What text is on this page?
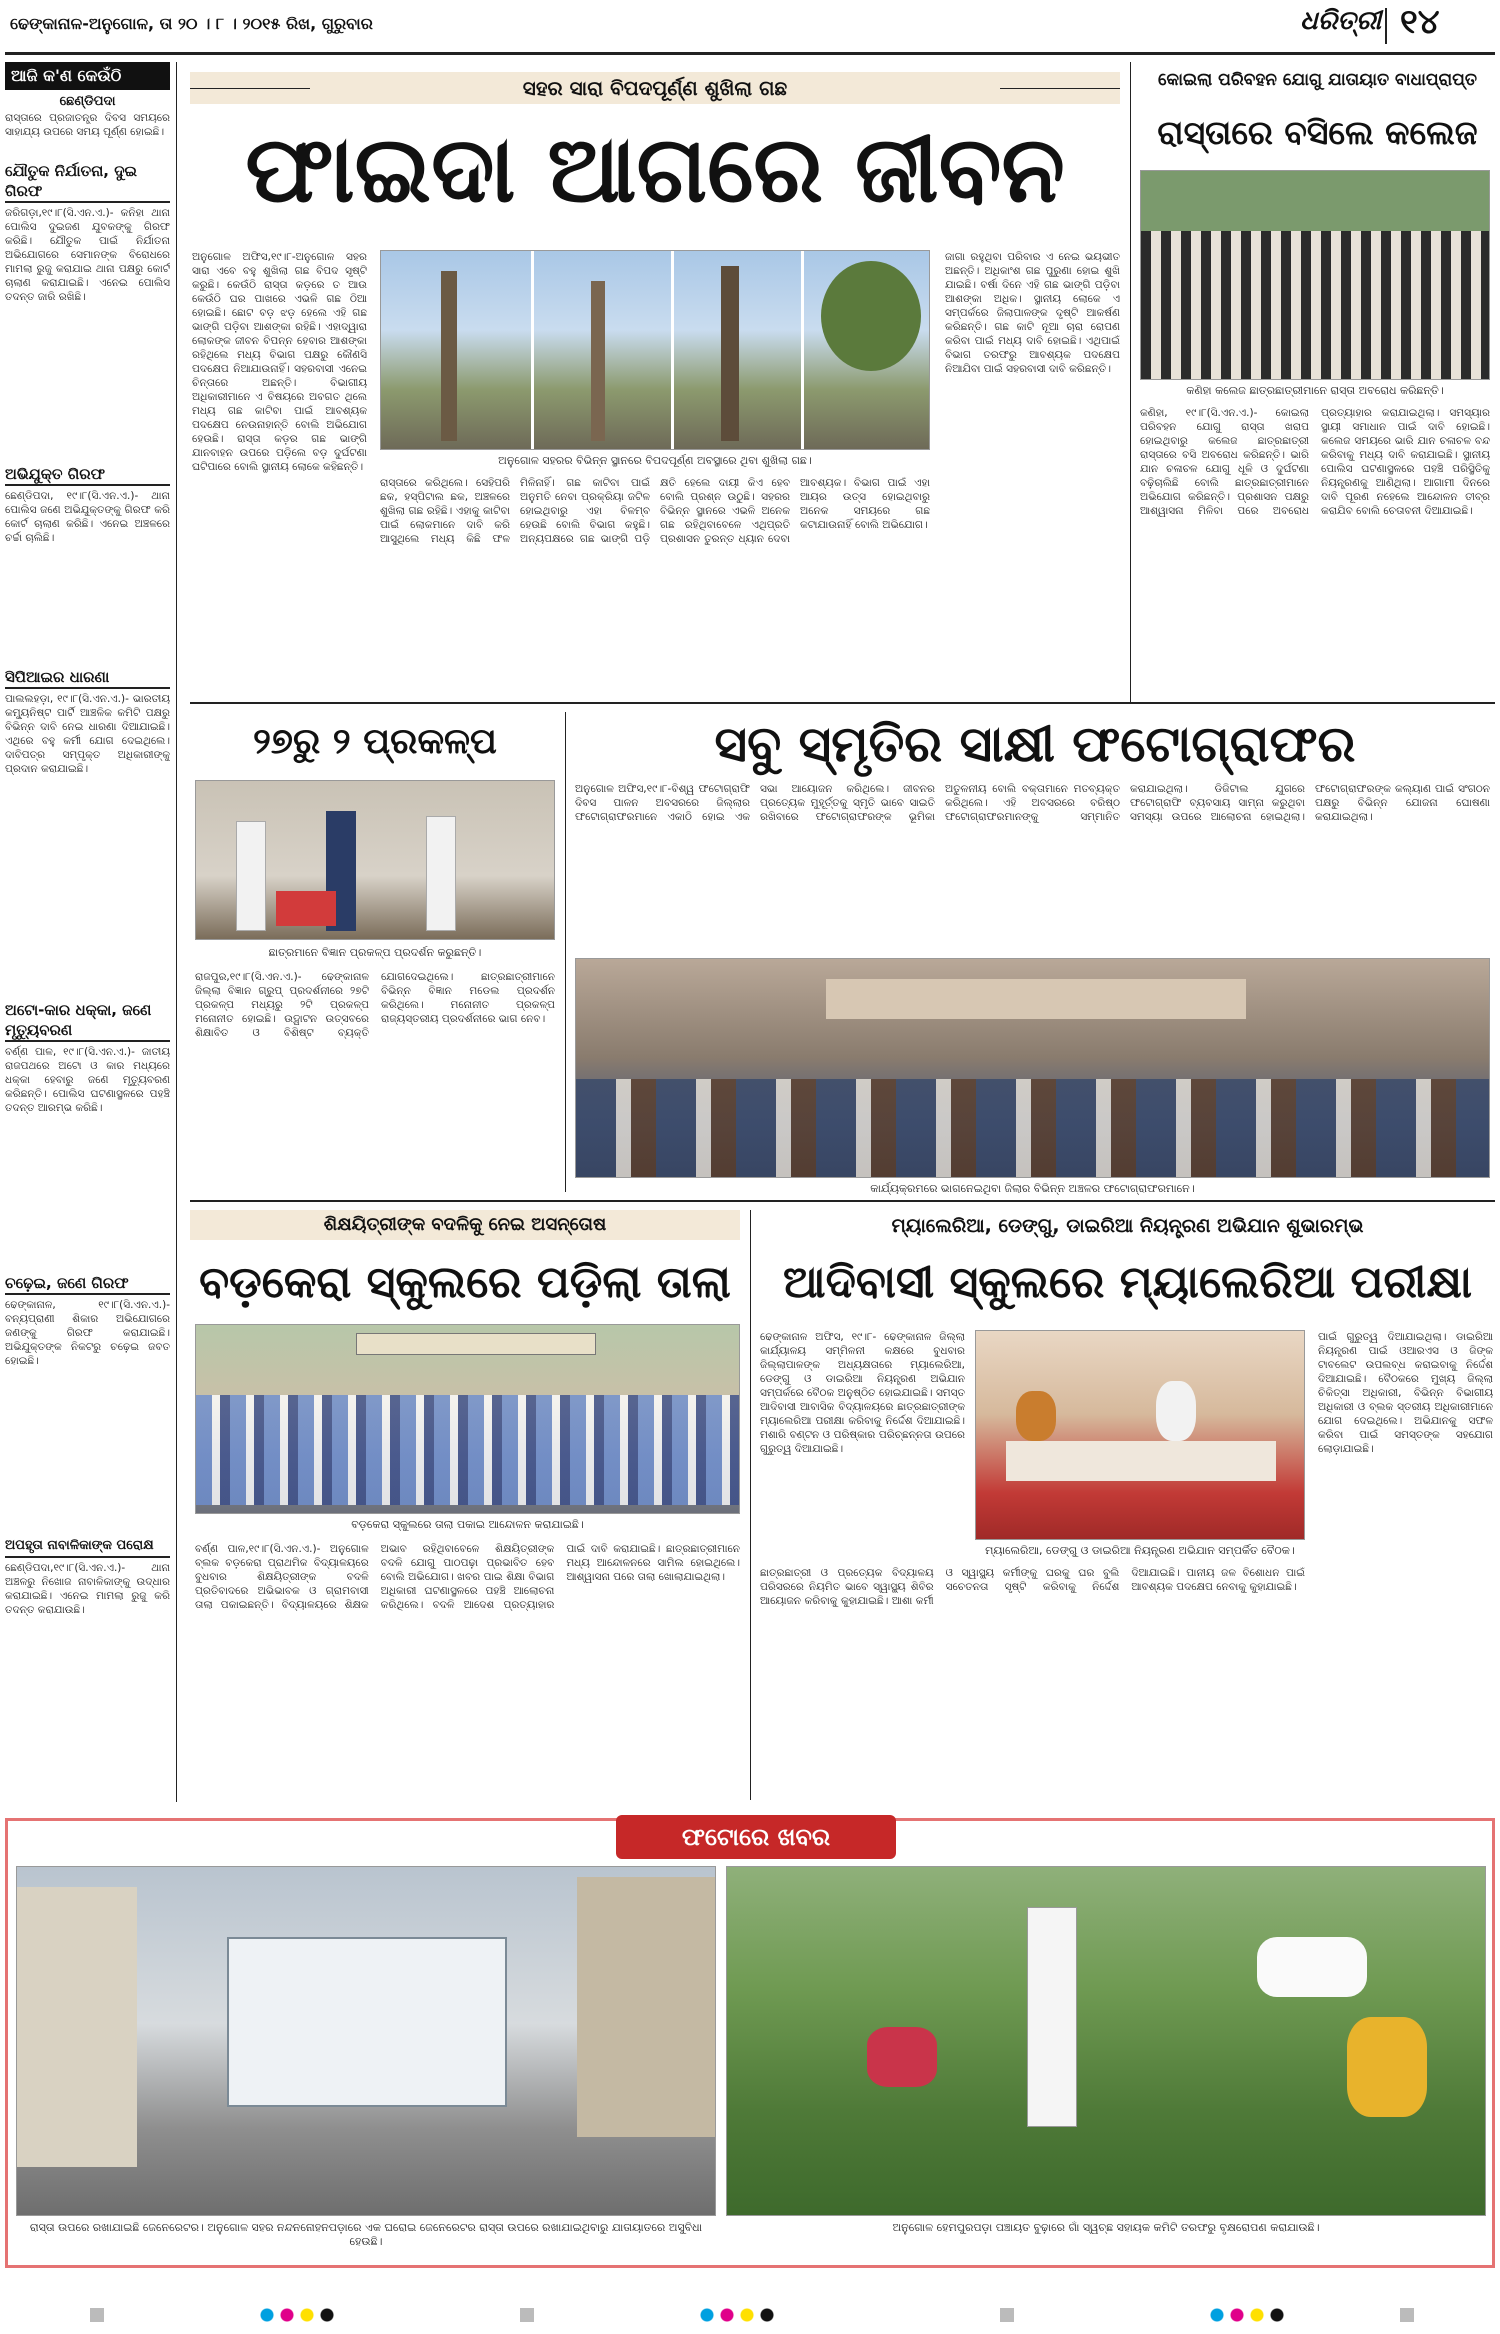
ଢେଙ୍କାନାଳ-ଅନୁଗୋଳ, ତା ୨୦ । ୮ । ୨୦୧୫ ରିଖ, ଗୁରୁବାର	ଧରିତ୍ରୀ ୧୪
ଆଜି କ'ଣ କେଉଁଠି
ଛେଣ୍ଡିପଦା
ରାସ୍ତାରେ ପ୍ରଜାତନ୍ତ୍ର ଦିବସ ସମୟରେ ସାହାଯ୍ୟ ଉପରେ ସମୟ ପୂର୍ଣ୍ଣ ହୋଇଛି।
ଯୌତୁକ ନିର୍ଯାତନା, ଦୁଇ ଗିରଫ
ଜରିଗଡ଼ା,୧୯।୮(ସି.ଏନ.ଏ.)- କନିହା ଥାନା ପୋଲିସ ଦୁଇଜଣ ଯୁବକଙ୍କୁ ଗିରଫ କରିଛି। ଯୌତୁକ ପାଇଁ ନିର୍ଯାତନା ଅଭିଯୋଗରେ ସେମାନଙ୍କ ବିରୋଧରେ ମାମଲା ରୁଜୁ କରାଯାଇ ଥାନା ପକ୍ଷରୁ କୋର୍ଟ ଚାଲାଣ କରାଯାଇଛି। ଏନେଇ ପୋଲିସ ତଦନ୍ତ ଜାରି ରଖିଛି।
ଅଭିଯୁକ୍ତ ଗିରଫ
ଛେଣ୍ଡିପଦା, ୧୯।୮(ସି.ଏନ.ଏ.)- ଥାନା ପୋଲିସ ଜଣେ ଅଭିଯୁକ୍ତଙ୍କୁ ଗିରଫ କରି କୋର୍ଟ ଚାଲାଣ କରିଛି। ଏନେଇ ଅଞ୍ଚଳରେ ଚର୍ଚ୍ଚା ଚାଲିଛି।
ସିପିଆଇର ଧାରଣା
ପାଲଲହଡ଼ା, ୧୯।୮(ସି.ଏନ.ଏ.)- ଭାରତୀୟ କମ୍ୟୁନିଷ୍ଟ ପାର୍ଟି ଆଞ୍ଚଳିକ କମିଟି ପକ୍ଷରୁ ବିଭିନ୍ନ ଦାବି ନେଇ ଧାରଣା ଦିଆଯାଇଛି। ଏଥିରେ ବହୁ କର୍ମୀ ଯୋଗ ଦେଇଥିଲେ। ଦାବିପତ୍ର ସମ୍ପୃକ୍ତ ଅଧିକାରୀଙ୍କୁ ପ୍ରଦାନ କରାଯାଇଛି।
ଅଟୋ-କାର ଧକ୍କା, ଜଣେ ମୃତ୍ୟୁବରଣ
ବର୍ଣ୍ଣ ପାଳ, ୧୯।୮(ସି.ଏନ.ଏ.)- ଜାତୀୟ ରାଜପଥରେ ଅଟୋ ଓ କାର ମଧ୍ୟରେ ଧକ୍କା ହେବାରୁ ଜଣେ ମୃତ୍ୟୁବରଣ କରିଛନ୍ତି। ପୋଲିସ ଘଟଣାସ୍ଥଳରେ ପହଞ୍ଚି ତଦନ୍ତ ଆରମ୍ଭ କରିଛି।
ଚଢ଼େଇ, ଜଣେ ଗିରଫ
ଢେଙ୍କାନାଳ, ୧୯।୮(ସି.ଏନ.ଏ.)- ବନ୍ୟପ୍ରାଣୀ ଶିକାର ଅଭିଯୋଗରେ ଜଣଙ୍କୁ ଗିରଫ କରାଯାଇଛି। ଅଭିଯୁକ୍ତଙ୍କ ନିକଟରୁ ଚଢ଼େଇ ଜବତ ହୋଇଛି।
ଅପହୃତା ନାବାଳିକାଙ୍କ ପରୋକ୍ଷ
ଛେଣ୍ଡିପଦା,୧୯।୮(ସି.ଏନ.ଏ.)- ଥାନା ଅଞ୍ଚଳରୁ ନିଖୋଜ ନାବାଳିକାଙ୍କୁ ଉଦ୍ଧାର କରାଯାଇଛି। ଏନେଇ ମାମଲା ରୁଜୁ କରି ତଦନ୍ତ କରାଯାଉଛି।
ସହର ସାରା ବିପଦପୂର୍ଣ୍ଣ ଶୁଖିଲା ଗଛ
ଫାଇଦା ଆଗରେ ଜୀବନ
ଅନୁଗୋଳ ଅଫିସ,୧୯।୮-ଅନୁଗୋଳ ସହର ସାରା ଏବେ ବହୁ ଶୁଖିଲା ଗଛ ବିପଦ ସୃଷ୍ଟି କରୁଛି। କେଉଁଠି ରାସ୍ତା କଡ଼ରେ ତ ଆଉ କେଉଁଠି ଘର ପାଖରେ ଏଭଳି ଗଛ ଠିଆ ହୋଇଛି। ଛୋଟ ବଡ଼ ଝଡ଼ ହେଲେ ଏହି ଗଛ ଭାଙ୍ଗି ପଡ଼ିବା ଆଶଙ୍କା ରହିଛି। ଏହାଦ୍ୱାରା ଲୋକଙ୍କ ଜୀବନ ବିପନ୍ନ ହେବାର ଆଶଙ୍କା ରହିଥିଲେ ମଧ୍ୟ ବିଭାଗ ପକ୍ଷରୁ କୌଣସି ପଦକ୍ଷେପ ନିଆଯାଉନାହିଁ। ସହରବାସୀ ଏନେଇ ଚିନ୍ତାରେ ଅଛନ୍ତି। ବିଭାଗୀୟ ଅଧିକାରୀମାନେ ଏ ବିଷୟରେ ଅବଗତ ଥିଲେ ମଧ୍ୟ ଗଛ କାଟିବା ପାଇଁ ଆବଶ୍ୟକ ପଦକ୍ଷେପ ନେଉନାହାନ୍ତି ବୋଲି ଅଭିଯୋଗ ହେଉଛି। ରାସ୍ତା କଡ଼ର ଗଛ ଭାଙ୍ଗି ଯାନବାହନ ଉପରେ ପଡ଼ିଲେ ବଡ଼ ଦୁର୍ଘଟଣା ଘଟିପାରେ ବୋଲି ସ୍ଥାନୀୟ ଲୋକେ କହିଛନ୍ତି।	ଅନୁଗୋଳ ସହରର ବିଭିନ୍ନ ସ୍ଥାନରେ ବିପଦପୂର୍ଣ୍ଣ ଅବସ୍ଥାରେ ଥିବା ଶୁଖିଲା ଗଛ।
ରାସ୍ତାରେ କରିଥିଲେ। ସେହିପରି ଛକ, ହସ୍ପିଟାଲ ଛକ, ଅଞ୍ଚଳରେ ଶୁଖିଲା ଗଛ ରହିଛି। ଏହାକୁ କାଟିବା ପାଇଁ ଲୋକମାନେ ଦାବି କରି ଆସୁଥିଲେ ମଧ୍ୟ କିଛି ଫଳ ମିଳିନାହିଁ। ଗଛ କାଟିବା ପାଇଁ ଅନୁମତି ନେବା ପ୍ରକ୍ରିୟା ଜଟିଳ ହୋଇଥିବାରୁ ଏହା ବିଳମ୍ବ ହେଉଛି ବୋଲି ବିଭାଗ କହୁଛି। ଅନ୍ୟପକ୍ଷରେ ଗଛ ଭାଙ୍ଗି ପଡ଼ି କ୍ଷତି ହେଲେ ଦାୟୀ କିଏ ହେବ ବୋଲି ପ୍ରଶ୍ନ ଉଠୁଛି। ସହରର ବିଭିନ୍ନ ସ୍ଥାନରେ ଏଭଳି ଅନେକ ଗଛ ରହିଥିବାବେଳେ ଏଥିପ୍ରତି ପ୍ରଶାସନ ତୁରନ୍ତ ଧ୍ୟାନ ଦେବା ଆବଶ୍ୟକ। ବିଭାଗ ପାଇଁ ଏହା ଆୟର ଉତ୍ସ ହୋଇଥିବାରୁ ଅନେକ ସମୟରେ ଗଛ କଟାଯାଉନାହିଁ ବୋଲି ଅଭିଯୋଗ।
ଜାଗା ରହୁଥିବା ପରିବାର ଏ ନେଇ ଭୟଭୀତ ଅଛନ୍ତି। ଅଧିକାଂଶ ଗଛ ପୁରୁଣା ହୋଇ ଶୁଖି ଯାଇଛି। ବର୍ଷା ଦିନେ ଏହି ଗଛ ଭାଙ୍ଗି ପଡ଼ିବା ଆଶଙ୍କା ଅଧିକ। ସ୍ଥାନୀୟ ଲୋକେ ଏ ସମ୍ପର୍କରେ ଜିଲାପାଳଙ୍କ ଦୃଷ୍ଟି ଆକର୍ଷଣ କରିଛନ୍ତି। ଗଛ କାଟି ନୂଆ ଚାରା ରୋପଣ କରିବା ପାଇଁ ମଧ୍ୟ ଦାବି ହୋଇଛି। ଏଥିପାଇଁ ବିଭାଗ ତରଫରୁ ଆବଶ୍ୟକ ପଦକ୍ଷେପ ନିଆଯିବା ପାଇଁ ସହରବାସୀ ଦାବି କରିଛନ୍ତି।
କୋଇଲା ପରିବହନ ଯୋଗୁ ଯାତାୟାତ ବାଧାପ୍ରାପ୍ତ
ରାସ୍ତାରେ ବସିଲେ କଲେଜ
କଣିହା କଲେଜ ଛାତ୍ରଛାତ୍ରୀମାନେ ରାସ୍ତା ଅବରୋଧ କରିଛନ୍ତି।
କଣିହା, ୧୯।୮(ସି.ଏନ.ଏ.)- କୋଇଲା ପରିବହନ ଯୋଗୁ ରାସ୍ତା ଖରାପ ହୋଇଥିବାରୁ କଲେଜ ଛାତ୍ରଛାତ୍ରୀ ରାସ୍ତାରେ ବସି ଅବରୋଧ କରିଛନ୍ତି। ଭାରି ଯାନ ଚଳାଚଳ ଯୋଗୁ ଧୂଳି ଓ ଦୁର୍ଘଟଣା ବଢ଼ିଚାଲିଛି ବୋଲି ଛାତ୍ରଛାତ୍ରୀମାନେ ଅଭିଯୋଗ କରିଛନ୍ତି। ପ୍ରଶାସନ ପକ୍ଷରୁ ଆଶ୍ୱାସନା ମିଳିବା ପରେ ଅବରୋଧ ପ୍ରତ୍ୟାହାର କରାଯାଇଥିଲା। ସମସ୍ୟାର ସ୍ଥାୟୀ ସମାଧାନ ପାଇଁ ଦାବି ହୋଇଛି। କଲେଜ ସମୟରେ ଭାରି ଯାନ ଚଳାଚଳ ବନ୍ଦ କରିବାକୁ ମଧ୍ୟ ଦାବି କରାଯାଇଛି। ସ୍ଥାନୀୟ ପୋଲିସ ଘଟଣାସ୍ଥଳରେ ପହଞ୍ଚି ପରିସ୍ଥିତିକୁ ନିୟନ୍ତ୍ରଣକୁ ଆଣିଥିଲା। ଆଗାମୀ ଦିନରେ ଦାବି ପୂରଣ ନହେଲେ ଆନ୍ଦୋଳନ ତୀବ୍ର କରାଯିବ ବୋଲି ଚେତାବନୀ ଦିଆଯାଇଛି।
୨୭ରୁ ୨ ପ୍ରକଳ୍ପ
ଛାତ୍ରମାନେ ବିଜ୍ଞାନ ପ୍ରକଳ୍ପ ପ୍ରଦର୍ଶନ କରୁଛନ୍ତି।
ରାଜପୁର,୧୯।୮(ସି.ଏନ.ଏ.)- ଢେଙ୍କାନାଳ ଜିଲ୍ଲା ବିଜ୍ଞାନ ଗ୍ରୁପ୍ ପ୍ରଦର୍ଶନୀରେ ୨୭ଟି ପ୍ରକଳ୍ପ ମଧ୍ୟରୁ ୨ଟି ପ୍ରକଳ୍ପ ମନୋନୀତ ହୋଇଛି। ଉଦ୍ଘାଟନ ଉତ୍ସବରେ ଶିକ୍ଷାବିତ ଓ ବିଶିଷ୍ଟ ବ୍ୟକ୍ତି ଯୋଗଦେଇଥିଲେ। ଛାତ୍ରଛାତ୍ରୀମାନେ ବିଭିନ୍ନ ବିଜ୍ଞାନ ମଡେଲ ପ୍ରଦର୍ଶନ କରିଥିଲେ। ମନୋନୀତ ପ୍ରକଳ୍ପ ରାଜ୍ୟସ୍ତରୀୟ ପ୍ରଦର୍ଶନୀରେ ଭାଗ ନେବ।
ସବୁ ସ୍ମୃତିର ସାକ୍ଷୀ ଫଟୋଗ୍ରାଫର
ଅନୁଗୋଳ ଅଫିସ,୧୯।୮-ବିଶ୍ୱ ଫଟୋଗ୍ରାଫି ଦିବସ ପାଳନ ଅବସରରେ ଜିଲ୍ଲାର ଫଟୋଗ୍ରାଫରମାନେ ଏକାଠି ହୋଇ ଏକ ସଭା ଆୟୋଜନ କରିଥିଲେ। ଜୀବନର ପ୍ରତ୍ୟେକ ମୁହୂର୍ତ୍ତକୁ ସ୍ମୃତି ଭାବେ ସାଇତି ରଖିବାରେ ଫଟୋଗ୍ରାଫରଙ୍କ ଭୂମିକା ଅତୁଳନୀୟ ବୋଲି ବକ୍ତାମାନେ ମତବ୍ୟକ୍ତ କରିଥିଲେ। ଏହି ଅବସରରେ ବରିଷ୍ଠ ଫଟୋଗ୍ରାଫରମାନଙ୍କୁ ସମ୍ମାନିତ କରାଯାଇଥିଲା। ଡିଜିଟାଲ ଯୁଗରେ ଫଟୋଗ୍ରାଫି ବ୍ୟବସାୟ ସାମ୍ନା କରୁଥିବା ସମସ୍ୟା ଉପରେ ଆଲୋଚନା ହୋଇଥିଲା। ଫଟୋଗ୍ରାଫରଙ୍କ କଲ୍ୟାଣ ପାଇଁ ସଂଗଠନ ପକ୍ଷରୁ ବିଭିନ୍ନ ଯୋଜନା ଘୋଷଣା କରାଯାଇଥିଲା।
କାର୍ଯ୍ୟକ୍ରମରେ ଭାଗନେଇଥିବା ଜିଲାର ବିଭିନ୍ନ ଅଞ୍ଚଳର ଫଟୋଗ୍ରାଫରମାନେ।
ଶିକ୍ଷୟିତ୍ରୀଙ୍କ ବଦଳିକୁ ନେଇ ଅସନ୍ତୋଷ
ବଡ଼କେରା ସ୍କୁଲରେ ପଡ଼ିଲା ତାଲା
ବଡ଼କେରା ସ୍କୁଲରେ ତାଲା ପକାଇ ଆନ୍ଦୋଳନ କରାଯାଇଛି।
ବର୍ଣ୍ଣ ପାଳ,୧୯।୮(ସି.ଏନ.ଏ.)- ଅନୁଗୋଳ ବ୍ଲକ ବଡ଼କେରା ପ୍ରାଥମିକ ବିଦ୍ୟାଳୟରେ ବୁଧବାର ଶିକ୍ଷୟିତ୍ରୀଙ୍କ ବଦଳି ପ୍ରତିବାଦରେ ଅଭିଭାବକ ଓ ଗ୍ରାମବାସୀ ତାଲା ପକାଇଛନ୍ତି। ବିଦ୍ୟାଳୟରେ ଶିକ୍ଷକ ଅଭାବ ରହିଥିବାବେଳେ ଶିକ୍ଷୟିତ୍ରୀଙ୍କ ବଦଳି ଯୋଗୁ ପାଠପଢ଼ା ପ୍ରଭାବିତ ହେବ ବୋଲି ଅଭିଯୋଗ। ଖବର ପାଇ ଶିକ୍ଷା ବିଭାଗ ଅଧିକାରୀ ଘଟଣାସ୍ଥଳରେ ପହଞ୍ଚି ଆଲୋଚନା କରିଥିଲେ। ବଦଳି ଆଦେଶ ପ୍ରତ୍ୟାହାର ପାଇଁ ଦାବି କରାଯାଇଛି। ଛାତ୍ରଛାତ୍ରୀମାନେ ମଧ୍ୟ ଆନ୍ଦୋଳନରେ ସାମିଲ ହୋଇଥିଲେ। ଆଶ୍ୱାସନା ପରେ ତାଲା ଖୋଲାଯାଇଥିଲା।
ମ୍ୟାଲେରିଆ, ଡେଙ୍ଗୁ, ଡାଇରିଆ ନିୟନ୍ତ୍ରଣ ଅଭିଯାନ ଶୁଭାରମ୍ଭ
ଆଦିବାସୀ ସ୍କୁଲରେ ମ୍ୟାଲେରିଆ ପରୀକ୍ଷା
ଢେଙ୍କାନାଳ ଅଫିସ, ୧୯।୮- ଢେଙ୍କାନାଳ ଜିଲ୍ଲା କାର୍ଯ୍ୟାଳୟ ସମ୍ମିଳନୀ କକ୍ଷରେ ବୁଧବାର ଜିଲ୍ଲାପାଳଙ୍କ ଅଧ୍ୟକ୍ଷତାରେ ମ୍ୟାଲେରିଆ, ଡେଙ୍ଗୁ ଓ ଡାଇରିଆ ନିୟନ୍ତ୍ରଣ ଅଭିଯାନ ସମ୍ପର୍କରେ ବୈଠକ ଅନୁଷ୍ଠିତ ହୋଇଯାଇଛି। ସମସ୍ତ ଆଦିବାସୀ ଆବାସିକ ବିଦ୍ୟାଳୟରେ ଛାତ୍ରଛାତ୍ରୀଙ୍କ ମ୍ୟାଲେରିଆ ପରୀକ୍ଷା କରିବାକୁ ନିର୍ଦ୍ଦେଶ ଦିଆଯାଇଛି। ମଶାରି ବଣ୍ଟନ ଓ ପରିଷ୍କାର ପରିଚ୍ଛନ୍ନତା ଉପରେ ଗୁରୁତ୍ୱ ଦିଆଯାଇଛି।
ମ୍ୟାଲେରିଆ, ଡେଙ୍ଗୁ ଓ ଡାଇରିଆ ନିୟନ୍ତ୍ରଣ ଅଭିଯାନ ସମ୍ପର୍କିତ ବୈଠକ।
ଛାତ୍ରଛାତ୍ରୀ ଓ ପ୍ରତ୍ୟେକ ବିଦ୍ୟାଳୟ ପରିସରରେ ନିୟମିତ ଭାବେ ସ୍ୱାସ୍ଥ୍ୟ ଶିବିର ଆୟୋଜନ କରିବାକୁ କୁହାଯାଇଛି। ଆଶା କର୍ମୀ ଓ ସ୍ୱାସ୍ଥ୍ୟ କର୍ମୀଙ୍କୁ ଘରକୁ ଘର ବୁଲି ସଚେତନତା ସୃଷ୍ଟି କରିବାକୁ ନିର୍ଦ୍ଦେଶ ଦିଆଯାଇଛି। ପାନୀୟ ଜଳ ବିଶୋଧନ ପାଇଁ ଆବଶ୍ୟକ ପଦକ୍ଷେପ ନେବାକୁ କୁହାଯାଇଛି।
ପାଇଁ ଗୁରୁତ୍ୱ ଦିଆଯାଇଥିଲା। ଡାଇରିଆ ନିୟନ୍ତ୍ରଣ ପାଇଁ ଓଆରଏସ ଓ ଜିଙ୍କ ଟାବଲେଟ ଉପଲବ୍ଧ କରାଇବାକୁ ନିର୍ଦ୍ଦେଶ ଦିଆଯାଇଛି। ବୈଠକରେ ମୁଖ୍ୟ ଜିଲ୍ଲା ଚିକିତ୍ସା ଅଧିକାରୀ, ବିଭିନ୍ନ ବିଭାଗୀୟ ଅଧିକାରୀ ଓ ବ୍ଲକ ସ୍ତରୀୟ ଅଧିକାରୀମାନେ ଯୋଗ ଦେଇଥିଲେ। ଅଭିଯାନକୁ ସଫଳ କରିବା ପାଇଁ ସମସ୍ତଙ୍କ ସହଯୋଗ ଲୋଡ଼ାଯାଇଛି।
ଫଟୋରେ ଖବର
ରାସ୍ତା ଉପରେ ରଖାଯାଇଛି ଜେନେରେଟର। ଅନୁଗୋଳ ସହର ନନ୍ଦନନୋହନପଡ଼ାରେ ଏକ ଘରୋଇ ଜେନେରେଟର ରାସ୍ତା ଉପରେ ରଖାଯାଇଥିବାରୁ ଯାତାୟାତରେ ଅସୁବିଧା ହେଉଛି।
ଅନୁଗୋଳ ହେମପୁରପଡ଼ା ପଞ୍ଚାୟତ ବୁଢ଼ାରେ ଗାଁ ସ୍ୱଚ୍ଛ ସହାୟକ କମିଟି ତରଫରୁ ବୃକ୍ଷରୋପଣ କରାଯାଉଛି।
